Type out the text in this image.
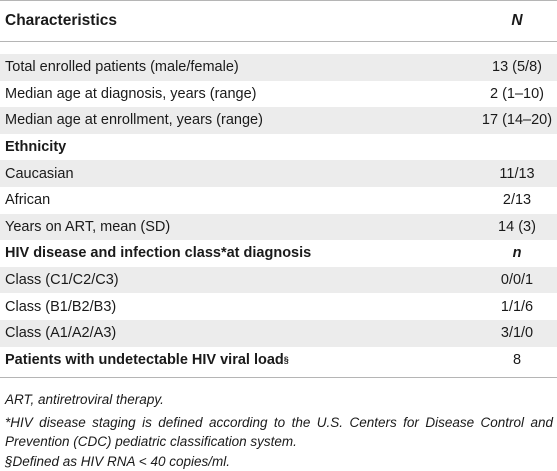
Characteristics	N
Total enrolled patients (male/female)	13 (5/8)
Median age at diagnosis, years (range)	2 (1–10)
Median age at enrollment, years (range)	17 (14–20)
Ethnicity
Caucasian	11/13
African	2/13
Years on ART, mean (SD)	14 (3)
HIV disease and infection class*at diagnosis	n
Class (C1/C2/C3)	0/0/1
Class (B1/B2/B3)	1/1/6
Class (A1/A2/A3)	3/1/0
Patients with undetectable HIV viral load §	8

ART, antiretroviral therapy.

*HIV disease staging is defined according to the U.S. Centers for Disease Control and Prevention (CDC) pediatric classification system.

§Defined as HIV RNA < 40 copies/ml.
